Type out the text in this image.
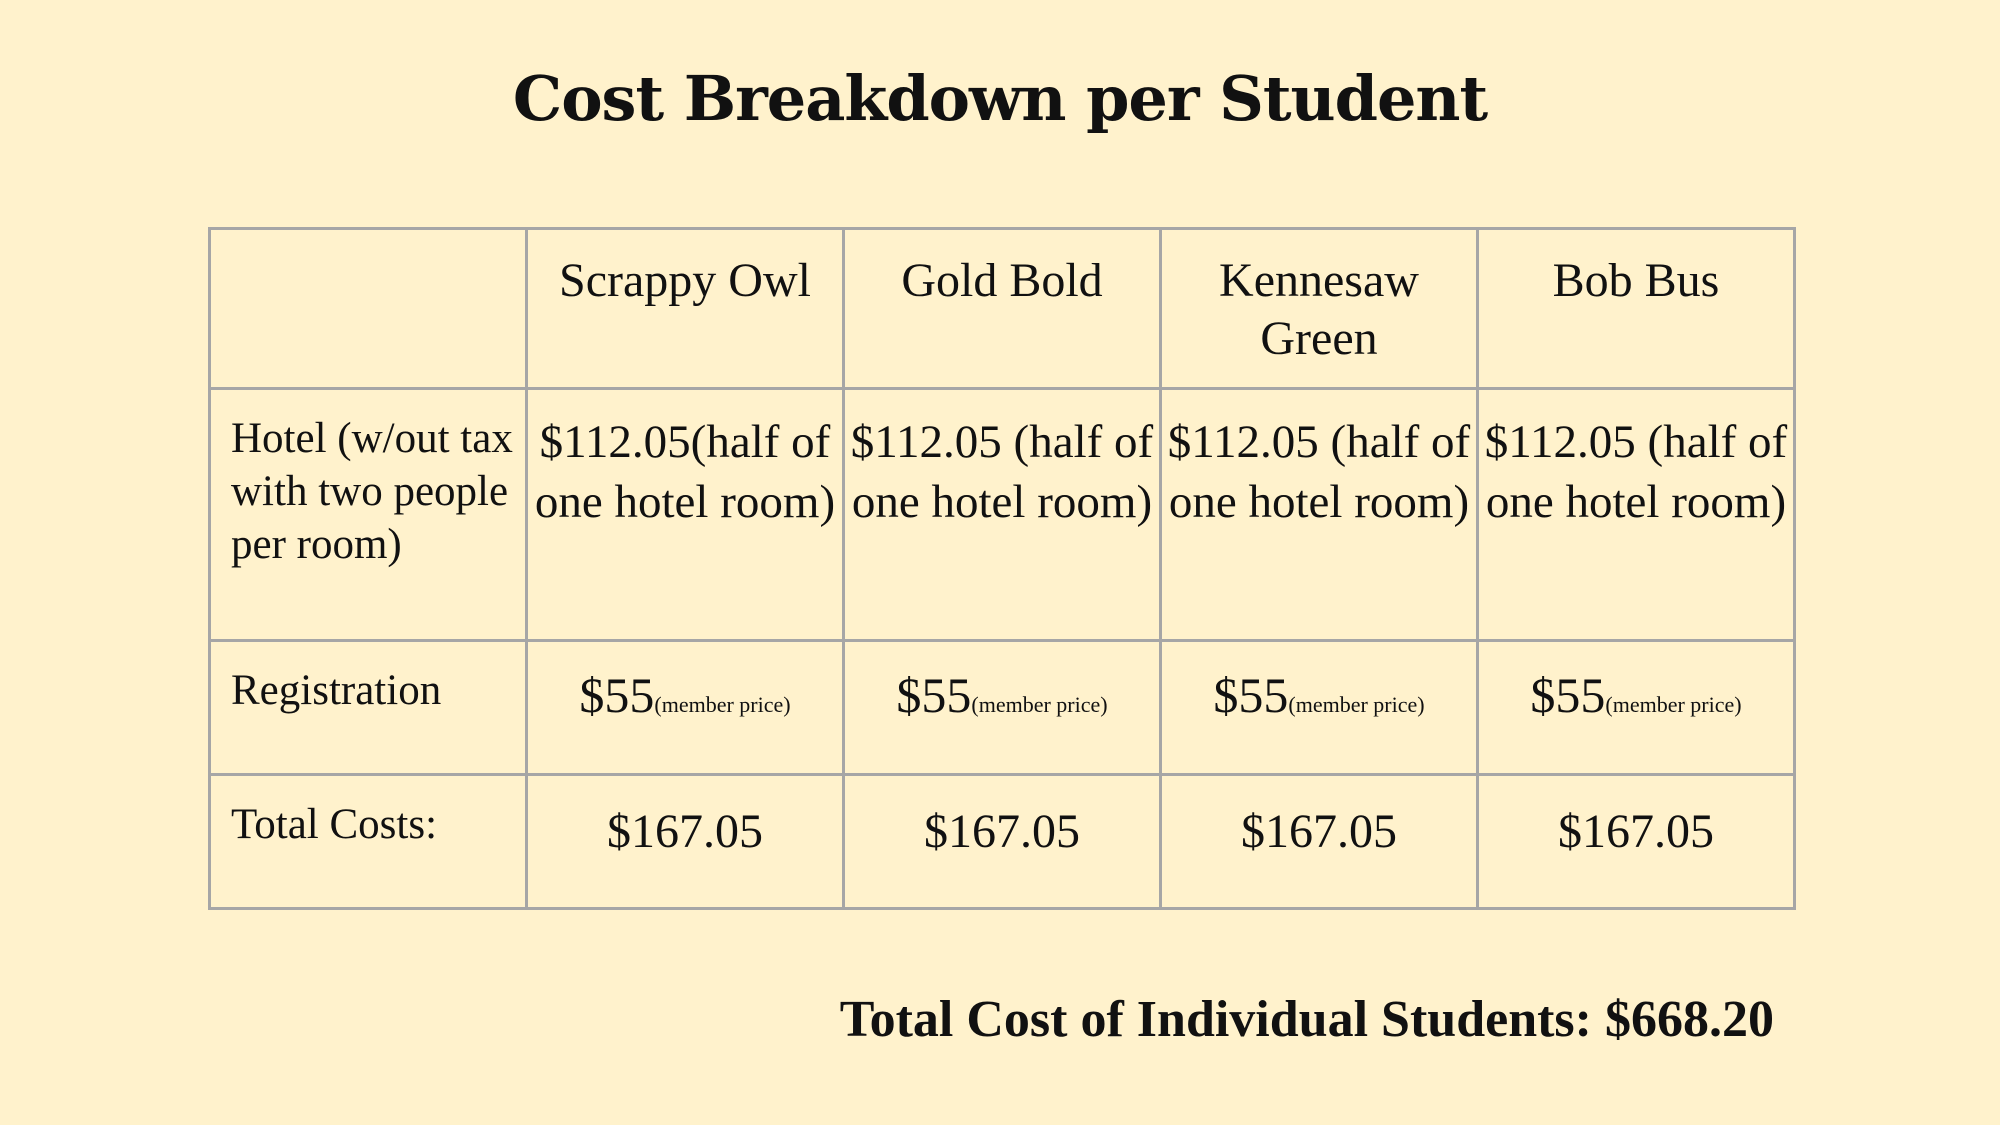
Cost Breakdown per Student
	Scrappy Owl	Gold Bold	Kennesaw Green	Bob Bus
Hotel (w/out tax with two people per room)	$112.05(half of one hotel room)	$112.05 (half of one hotel room)	$112.05 (half of one hotel room)	$112.05 (half of one hotel room)
Registration	$55(member price)	$55(member price)	$55(member price)	$55(member price)
Total Costs:	$167.05	$167.05	$167.05	$167.05
Total Cost of Individual Students: $668.20
